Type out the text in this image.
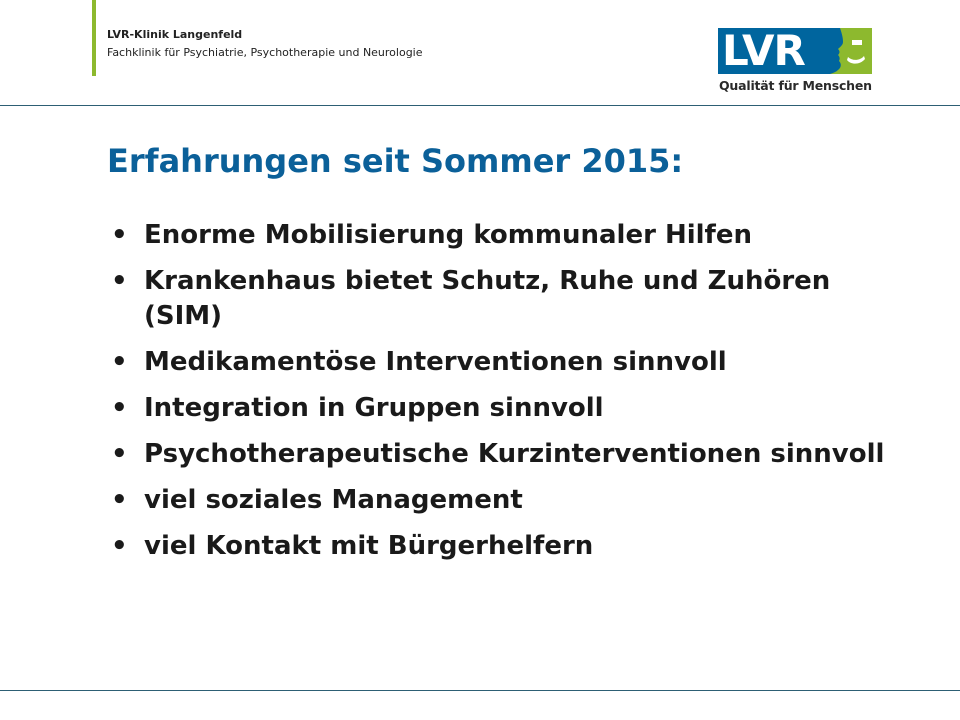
LVR-Klinik Langenfeld
Fachklinik für Psychiatrie, Psychotherapie und Neurologie	LVR
Qualität für Menschen
Erfahrungen seit Sommer 2015:
• Enorme Mobilisierung kommunaler Hilfen
• Krankenhaus bietet Schutz, Ruhe und Zuhören (SIM)
• Medikamentöse Interventionen sinnvoll
• Integration in Gruppen sinnvoll
• Psychotherapeutische Kurzinterventionen sinnvoll
• viel soziales Management
• viel Kontakt mit Bürgerhelfern
